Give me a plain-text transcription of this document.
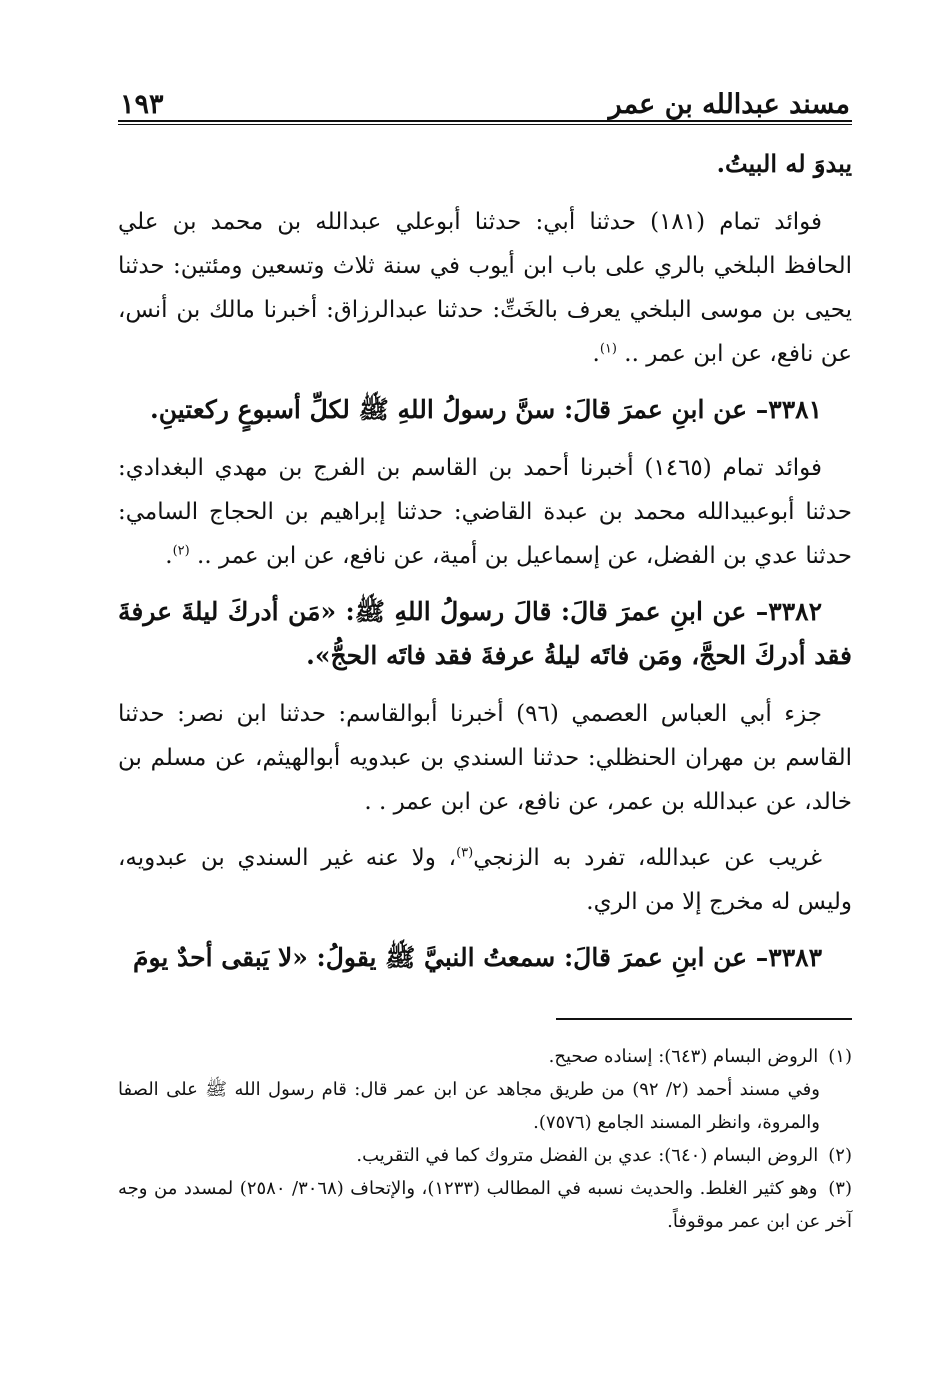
مسند عبدالله بن عمر
١٩٣

يبدوَ له البيتُ.

فوائد تمام (١٨١) حدثنا أبي: حدثنا أبوعلي عبدالله بن محمد بن علي الحافظ البلخي بالري على باب ابن أيوب في سنة ثلاث وتسعين ومئتين: حدثنا يحيى بن موسى البلخي يعرف بالخَتِّ: حدثنا عبدالرزاق: أخبرنا مالك بن أنس، عن نافع، عن ابن عمر .. $^{(١)}$.

٣٣٨١– عن ابنِ عمرَ قالَ: سنَّ رسولُ اللهِ ﷺ لكلِّ أسبوعٍ ركعتينِ.

فوائد تمام (١٤٦٥) أخبرنا أحمد بن القاسم بن الفرج بن مهدي البغدادي: حدثنا أبوعبيدالله محمد بن عبدة القاضي: حدثنا إبراهيم بن الحجاج السامي: حدثنا عدي بن الفضل، عن إسماعيل بن أمية، عن نافع، عن ابن عمر .. $^{(٢)}$.

٣٣٨٢– عن ابنِ عمرَ قالَ: قالَ رسولُ اللهِ ﷺ: «مَن أدركَ ليلةَ عرفةَ فقد أدركَ الحجَّ، ومَن فاتَه ليلةُ عرفةَ فقد فاتَه الحجُّ».

جزء أبي العباس العصمي (٩٦) أخبرنا أبوالقاسم: حدثنا ابن نصر: حدثنا القاسم بن مهران الحنظلي: حدثنا السندي بن عبدويه أبوالهيثم، عن مسلم بن خالد، عن عبدالله بن عمر، عن نافع، عن ابن عمر . .

غريب عن عبدالله، تفرد به الزنجي$^{(٣)}$، ولا عنه غير السندي بن عبدويه، وليس له مخرج إلا من الري.

٣٣٨٣– عن ابنِ عمرَ قالَ: سمعتُ النبيَّ ﷺ يقولُ: «لا يَبقى أحدٌ يومَ

(١) الروض البسام (٦٤٣): إسناده صحيح.

وفي مسند أحمد (٢/ ٩٢) من طريق مجاهد عن ابن عمر قال: قام رسول الله ﷺ على الصفا والمروة، وانظر المسند الجامع (٧٥٧٦).

(٢) الروض البسام (٦٤٠): عدي بن الفضل متروك كما في التقريب.

(٣) وهو كثير الغلط. والحديث نسبه في المطالب (١٢٣٣)، والإتحاف (٣٠٦٨/ ٢٥٨٠) لمسدد من وجه آخر عن ابن عمر موقوفاً.
